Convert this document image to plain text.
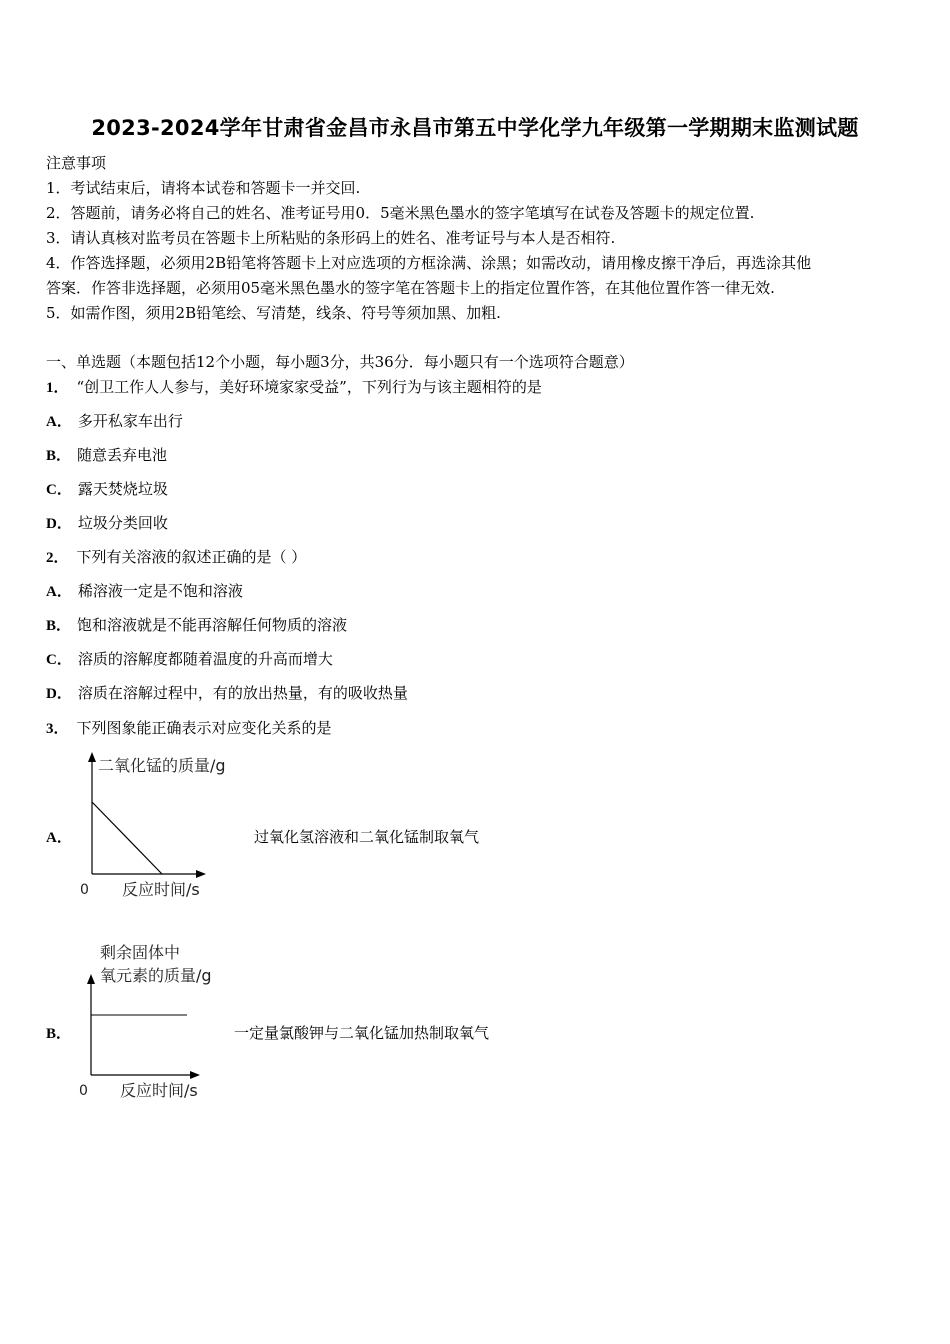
2023-2024学年甘肃省金昌市永昌市第五中学化学九年级第一学期期末监测试题
注意事项
1．考试结束后，请将本试卷和答题卡一并交回.
2．答题前，请务必将自己的姓名、准考证号用0．5毫米黑色墨水的签字笔填写在试卷及答题卡的规定位置.
3．请认真核对监考员在答题卡上所粘贴的条形码上的姓名、准考证号与本人是否相符.
4．作答选择题，必须用2B铅笔将答题卡上对应选项的方框涂满、涂黑；如需改动，请用橡皮擦干净后，再选涂其他
答案．作答非选择题，必须用05毫米黑色墨水的签字笔在答题卡上的指定位置作答，在其他位置作答一律无效.
5．如需作图，须用2B铅笔绘、写清楚，线条、符号等须加黑、加粗.
一、单选题（本题包括12个小题，每小题3分，共36分．每小题只有一个选项符合题意）
1． “创卫工作人人参与，美好环境家家受益”，下列行为与该主题相符的是
A． 多开私家车出行
B． 随意丢弃电池
C． 露天焚烧垃圾
D． 垃圾分类回收
2． 下列有关溶液的叙述正确的是（ ）
A． 稀溶液一定是不饱和溶液
B． 饱和溶液就是不能再溶解任何物质的溶液
C． 溶质的溶解度都随着温度的升高而增大
D． 溶质在溶解过程中，有的放出热量，有的吸收热量
3． 下列图象能正确表示对应变化关系的是
A．
二氧化锰的质量/g
0 反应时间/s
过氧化氢溶液和二氧化锰制取氧气
B．
剩余固体中
氧元素的质量/g
0 反应时间/s
一定量氯酸钾与二氧化锰加热制取氧气
